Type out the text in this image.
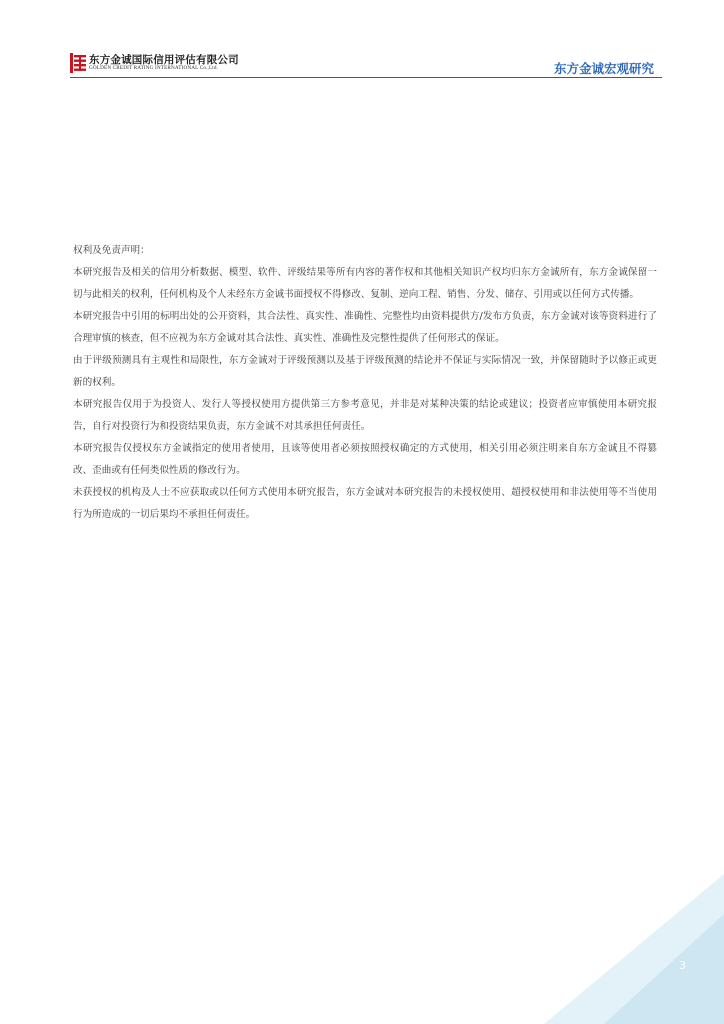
东方金诚国际信用评估有限公司
GOLDEN CREDIT RATING INTERNATIONAL Co.,Ltd.	东方金诚宏观研究

权利及免责声明：

本研究报告及相关的信用分析数据、模型、软件、评级结果等所有内容的著作权和其他相关知识产权均归东方金诚所有，东方金诚保留一切与此相关的权利，任何机构及个人未经东方金诚书面授权不得修改、复制、逆向工程、销售、分发、储存、引用或以任何方式传播。

本研究报告中引用的标明出处的公开资料，其合法性、真实性、准确性、完整性均由资料提供方/发布方负责，东方金诚对该等资料进行了合理审慎的核查，但不应视为东方金诚对其合法性、真实性、准确性及完整性提供了任何形式的保证。

由于评级预测具有主观性和局限性，东方金诚对于评级预测以及基于评级预测的结论并不保证与实际情况一致，并保留随时予以修正或更新的权利。

本研究报告仅用于为投资人、发行人等授权使用方提供第三方参考意见，并非是对某种决策的结论或建议；投资者应审慎使用本研究报告，自行对投资行为和投资结果负责，东方金诚不对其承担任何责任。

本研究报告仅授权东方金诚指定的使用者使用，且该等使用者必须按照授权确定的方式使用，相关引用必须注明来自东方金诚且不得篡改、歪曲或有任何类似性质的修改行为。

未获授权的机构及人士不应获取或以任何方式使用本研究报告，东方金诚对本研究报告的未授权使用、超授权使用和非法使用等不当使用行为所造成的一切后果均不承担任何责任。

3
